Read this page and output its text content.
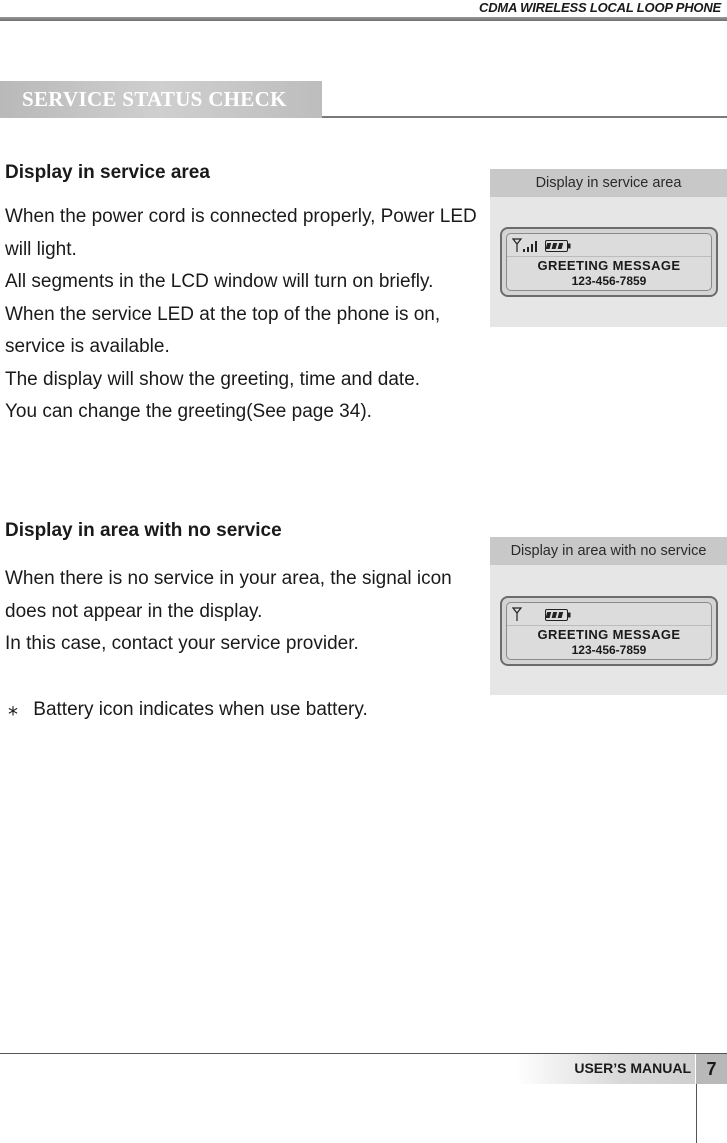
CDMA WIRELESS LOCAL LOOP PHONE
SERVICE STATUS CHECK
Display in service area
When the power cord is connected properly, Power LED
will light.
All segments in the LCD window will turn on briefly.
When the service LED at the top of the phone is on,
service is available.
The display will show the greeting, time and date.
You can change the greeting(See page 34).
Display in service area
GREETING MESSAGE
123-456-7859
Display in area with no service
When there is no service in your area, the signal icon
does not appear in the display.
In this case, contact your service provider.
Display in area with no service
GREETING MESSAGE
123-456-7859
⁎ Battery icon indicates when use battery.
USER’S MANUAL 7
